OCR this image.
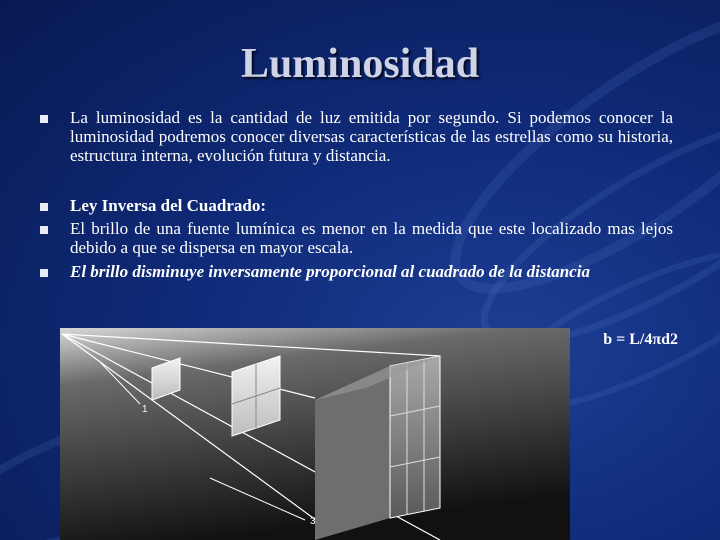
Luminosidad
La luminosidad es la cantidad de luz emitida por segundo. Si podemos conocer la luminosidad podremos conocer diversas características de las estrellas como su historia, estructura interna, evolución futura y distancia.
Ley Inversa del Cuadrado:
El brillo de una fuente lumínica es menor en la medida que este localizado mas lejos debido a que se dispersa en mayor escala.
El brillo disminuye inversamente proporcional al cuadrado de la distancia
b = L/4πd2
1
3
